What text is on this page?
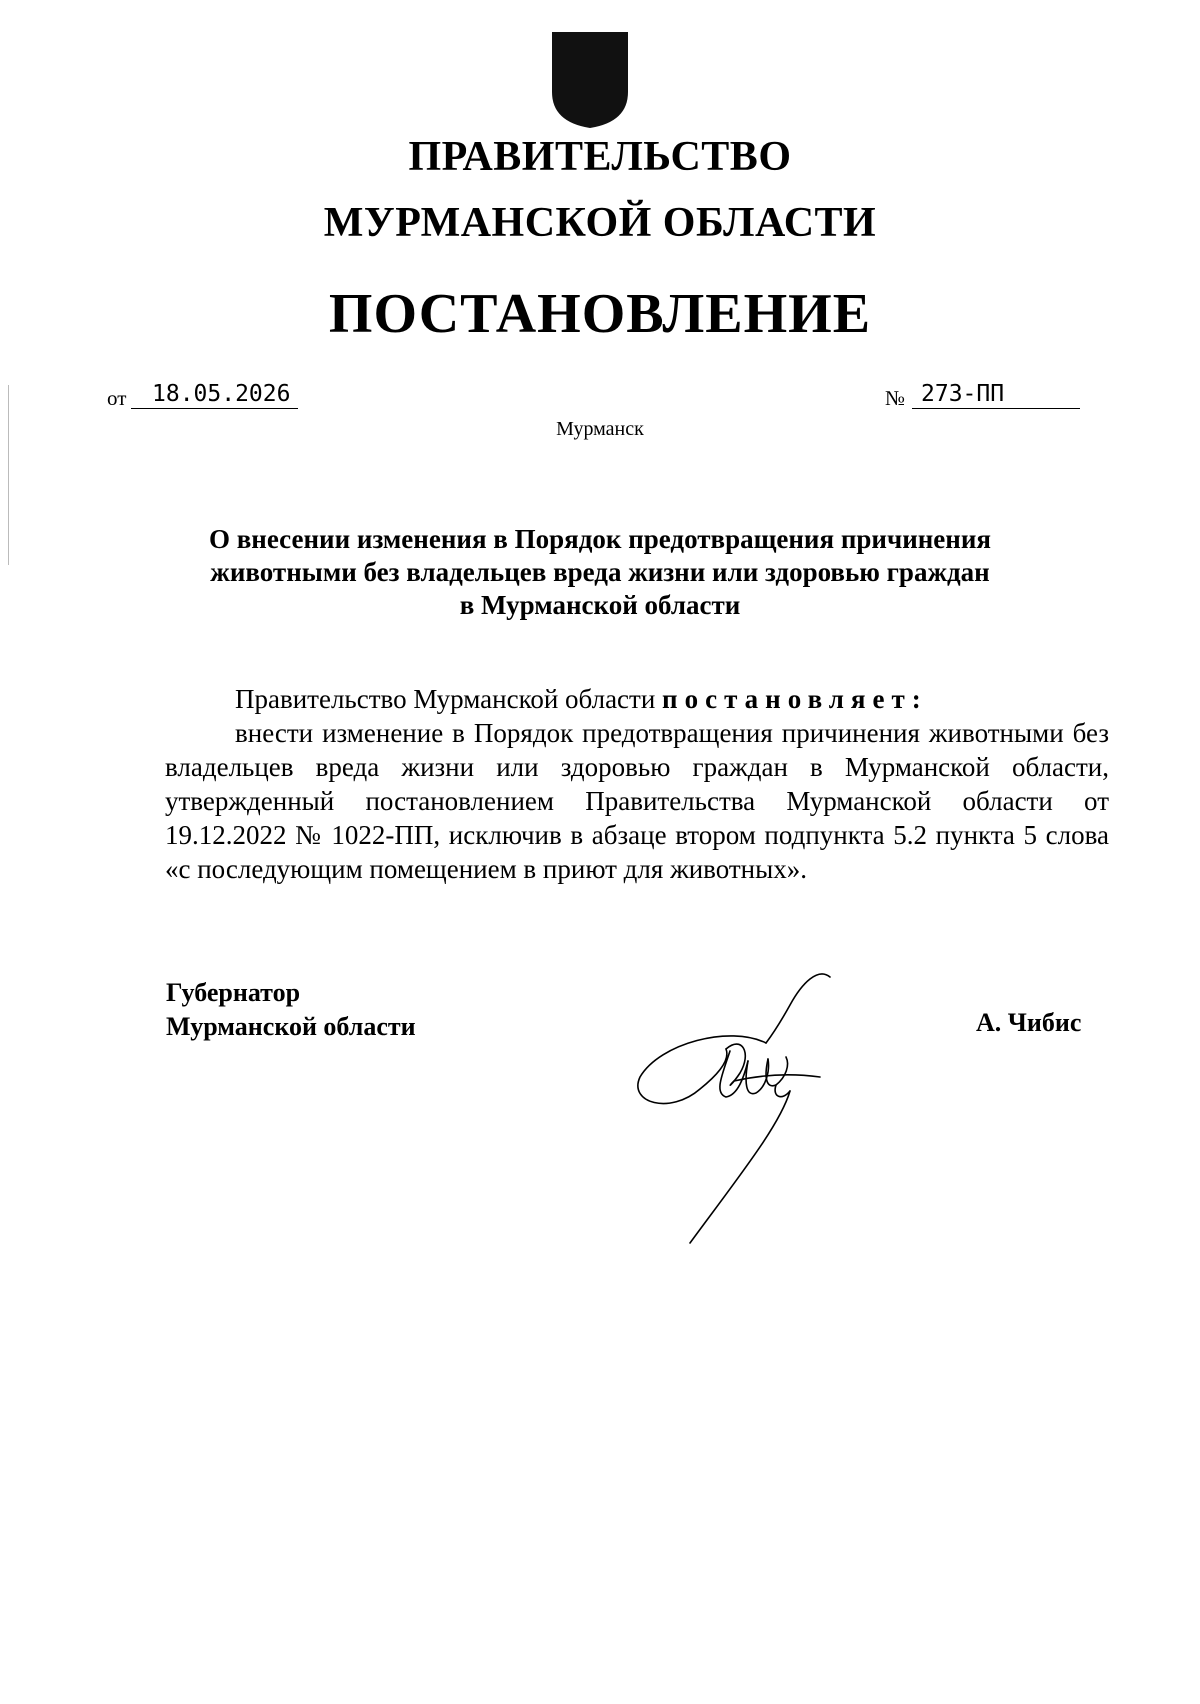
ПРАВИТЕЛЬСТВО
МУРМАНСКОЙ ОБЛАСТИ
ПОСТАНОВЛЕНИЕ
от 18.05.2026	№ 273-ПП
Мурманск
О внесении изменения в Порядок предотвращения причинения
животными без владельцев вреда жизни или здоровью граждан
в Мурманской области
Правительство Мурманской области постановляет:
внести изменение в Порядок предотвращения причинения животными без владельцев вреда жизни или здоровью граждан в Мурманской области, утвержденный постановлением Правительства Мурманской области от 19.12.2022 № 1022-ПП, исключив в абзаце втором подпункта 5.2 пункта 5 слова «с последующим помещением в приют для животных».
Губернатор
Мурманской области	А. Чибис
